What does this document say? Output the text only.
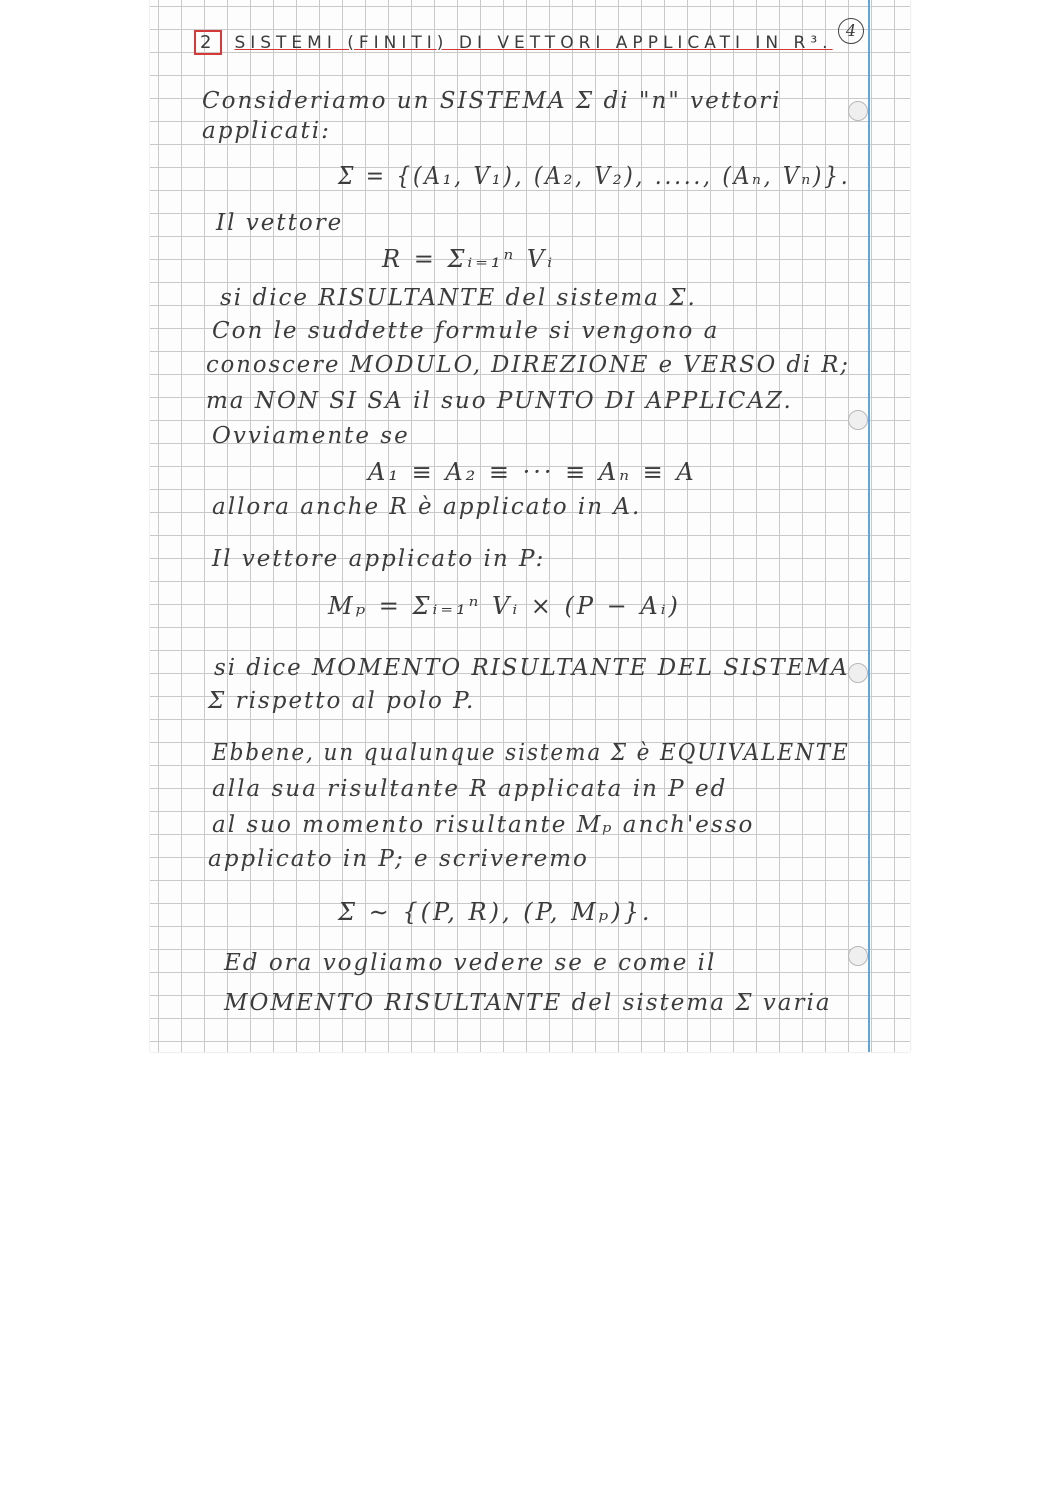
4
2 SISTEMI (FINITI) DI VETTORI APPLICATI IN R³.
Consideriamo un SISTEMA Σ di "n" vettori
applicati:
Σ = {(A₁, V₁), (A₂, V₂), ....., (Aₙ, Vₙ)}.
Il vettore
R = Σᵢ₌₁ⁿ Vᵢ
si dice RISULTANTE del sistema Σ.
Con le suddette formule si vengono a
conoscere MODULO, DIREZIONE e VERSO di R;
ma NON SI SA il suo PUNTO DI APPLICAZ.
Ovviamente se
A₁ ≡ A₂ ≡ ··· ≡ Aₙ ≡ A
allora anche R è applicato in A.
Il vettore applicato in P:
Mₚ = Σᵢ₌₁ⁿ Vᵢ × (P − Aᵢ)
si dice MOMENTO RISULTANTE DEL SISTEMA
Σ rispetto al polo P.
Ebbene, un qualunque sistema Σ è EQUIVALENTE
alla sua risultante R applicata in P ed
al suo momento risultante Mₚ anch'esso
applicato in P; e scriveremo
Σ ∼ {(P, R), (P, Mₚ)}.
Ed ora vogliamo vedere se e come il
MOMENTO RISULTANTE del sistema Σ varia
